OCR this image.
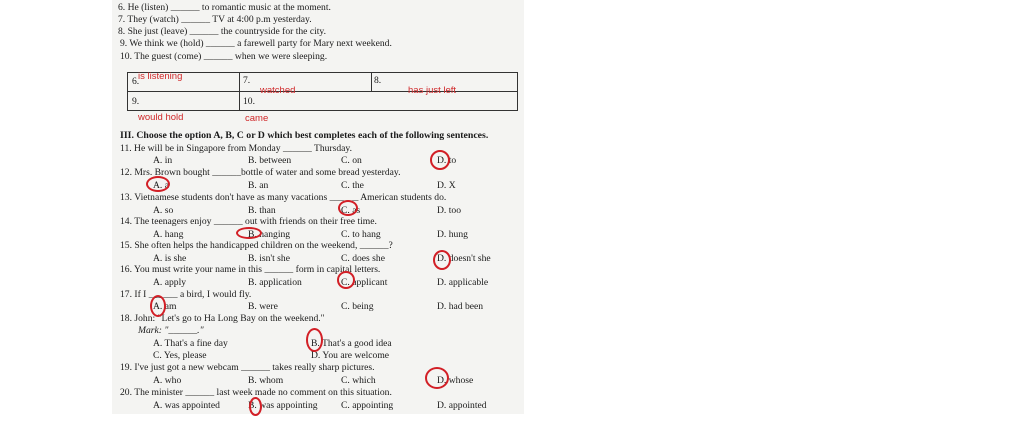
6. He (listen) ______ to romantic music at the moment.
7. They (watch) ______ TV at 4:00 p.m yesterday.
8. She just (leave) ______ the countryside for the city.
9. We think we (hold) ______ a farewell party for Mary next weekend.
10. The guest (come) ______ when we were sleeping.
6.	7.	8.
9.	10.
is listening
watched	has just left
would hold	came
III. Choose the option A, B, C or D which best completes each of the following sentences.
11. He will be in Singapore from Monday ______ Thursday.
A. in	B. between	C. on	D. to
12. Mrs. Brown bought ______bottle of water and some bread yesterday.
A. a	B. an	C. the	D. X
13. Vietnamese students don't have as many vacations ______ American students do.
A. so	B. than	C. as	D. too
14. The teenagers enjoy ______ out with friends on their free time.
A. hang	B. hanging	C. to hang	D. hung
15. She often helps the handicapped children on the weekend, ______?
A. is she	B. isn't she	C. does she	D. doesn't she
16. You must write your name in this ______ form in capital letters.
A. apply	B. application	C. applicant	D. applicable
17. If I ______ a bird, I would fly.
A. am	B. were	C. being	D. had been
18. John: "Let's go to Ha Long Bay on the weekend."
Mark: "______."
A. That's a fine day	B. That's a good idea
C. Yes, please	D. You are welcome
19. I've just got a new webcam ______ takes really sharp pictures.
A. who	B. whom	C. which	D. whose
20. The minister ______ last week made no comment on this situation.
A. was appointed	B. was appointing C. appointing	D. appointed
